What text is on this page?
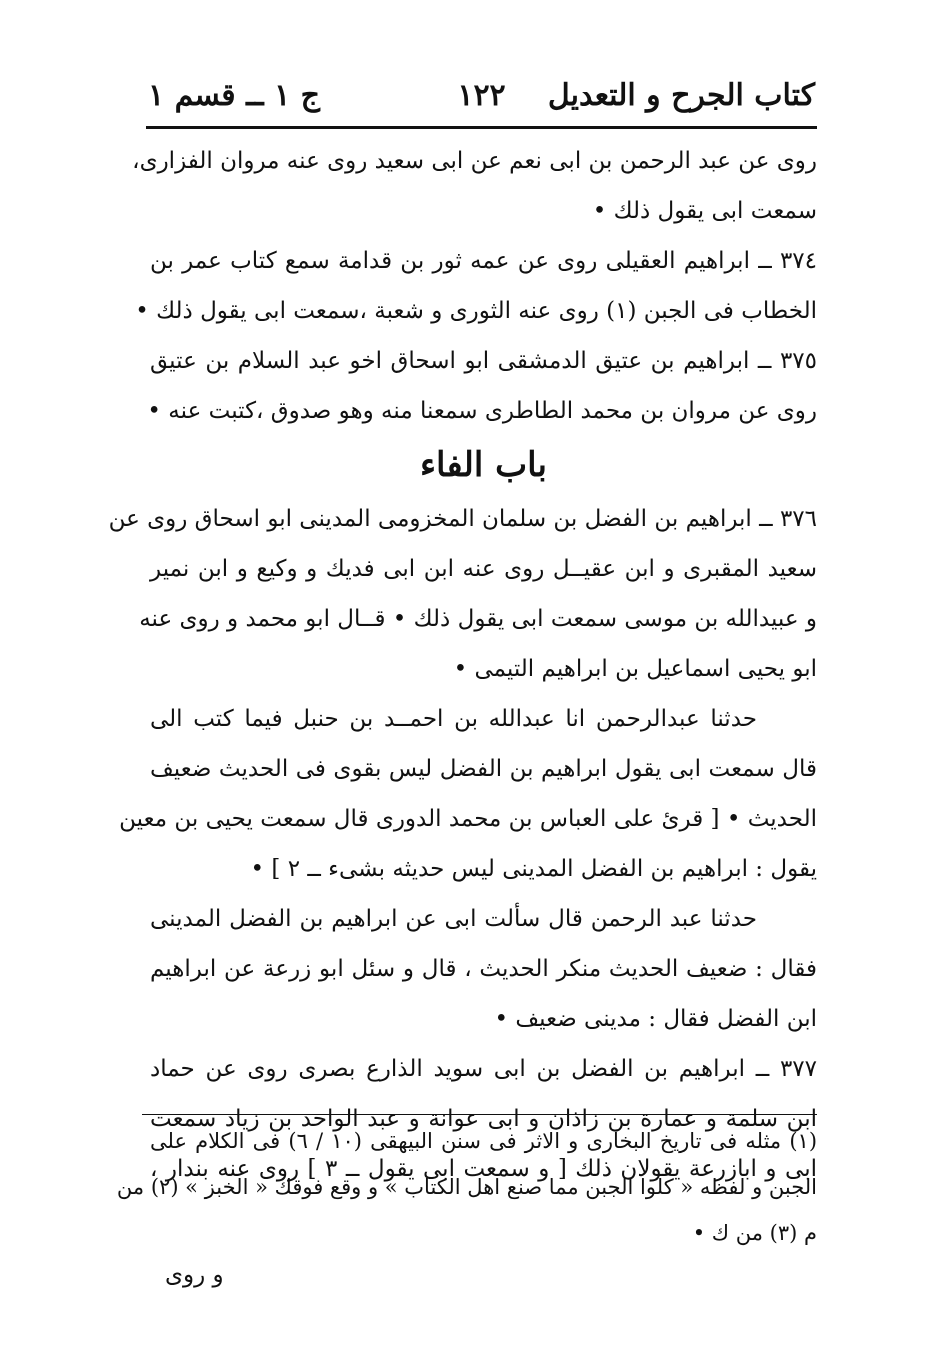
كتاب الجرح و التعديل
١٢٢
ج ١ ــ قسم ١
روى عن عبد الرحمن بن ابى نعم عن ابى سعيد روى عنه مروان الفزارى،
سمعت ابى يقول ذلك •
٣٧٤ ــ ابراهيم العقيلى روى عن عمه ثور بن قدامة سمع كتاب عمر بن
الخطاب فى الجبن (١) روى عنه الثورى و شعبة ،سمعت ابى يقول ذلك •
٣٧٥ ــ ابراهيم بن عتيق الدمشقى ابو اسحاق اخو عبد السلام بن عتيق
روى عن مروان بن محمد الطاطرى سمعنا منه وهو صدوق ،كتبت عنه •
باب الفاء
٣٧٦ ــ ابراهيم بن الفضل بن سلمان المخزومى المدينى ابو اسحاق روى عن
سعيد المقبرى و ابن عقيــل روى عنه ابن ابى فديك و وكيع و ابن نمير
و عبيدالله بن موسى سمعت ابى يقول ذلك • قــال ابو محمد و روى عنه
ابو يحيى اسماعيل بن ابراهيم التيمى •
حدثنا عبدالرحمن انا عبدالله بن احمــد بن حنبل فيما كتب الى
قال سمعت ابى يقول ابراهيم بن الفضل ليس بقوى فى الحديث ضعيف
الحديث • [ قرئ على العباس بن محمد الدورى قال سمعت يحيى بن معين
يقول : ابراهيم بن الفضل المدينى ليس حديثه بشىء ــ ٢ ] •
حدثنا عبد الرحمن قال سألت ابى عن ابراهيم بن الفضل المدينى
فقال : ضعيف الحديث منكر الحديث ، قال و سئل ابو زرعة عن ابراهيم
ابن الفضل فقال : مدينى ضعيف •
٣٧٧ ــ ابراهيم بن الفضل بن ابى سويد الذارع بصرى روى عن حماد
ابن سلمة و عمارة بن زاذان و ابى عوانة و عبد الواحد بن زياد سمعت
ابى و ابازرعة يقولان ذلك [ و سمعت ابى يقول ــ ٣ ] روى عنه بندار ،
(١) مثله فى تاريخ البخارى و الاثر فى سنن البيهقى (١٠ / ٦) فى الكلام على
الجبن و لفظه « كلوا الجبن مما صنع اهل الكتاب » و وقع فوقك « الخبز » (٢) من
م (٣) من ك •
و روى
